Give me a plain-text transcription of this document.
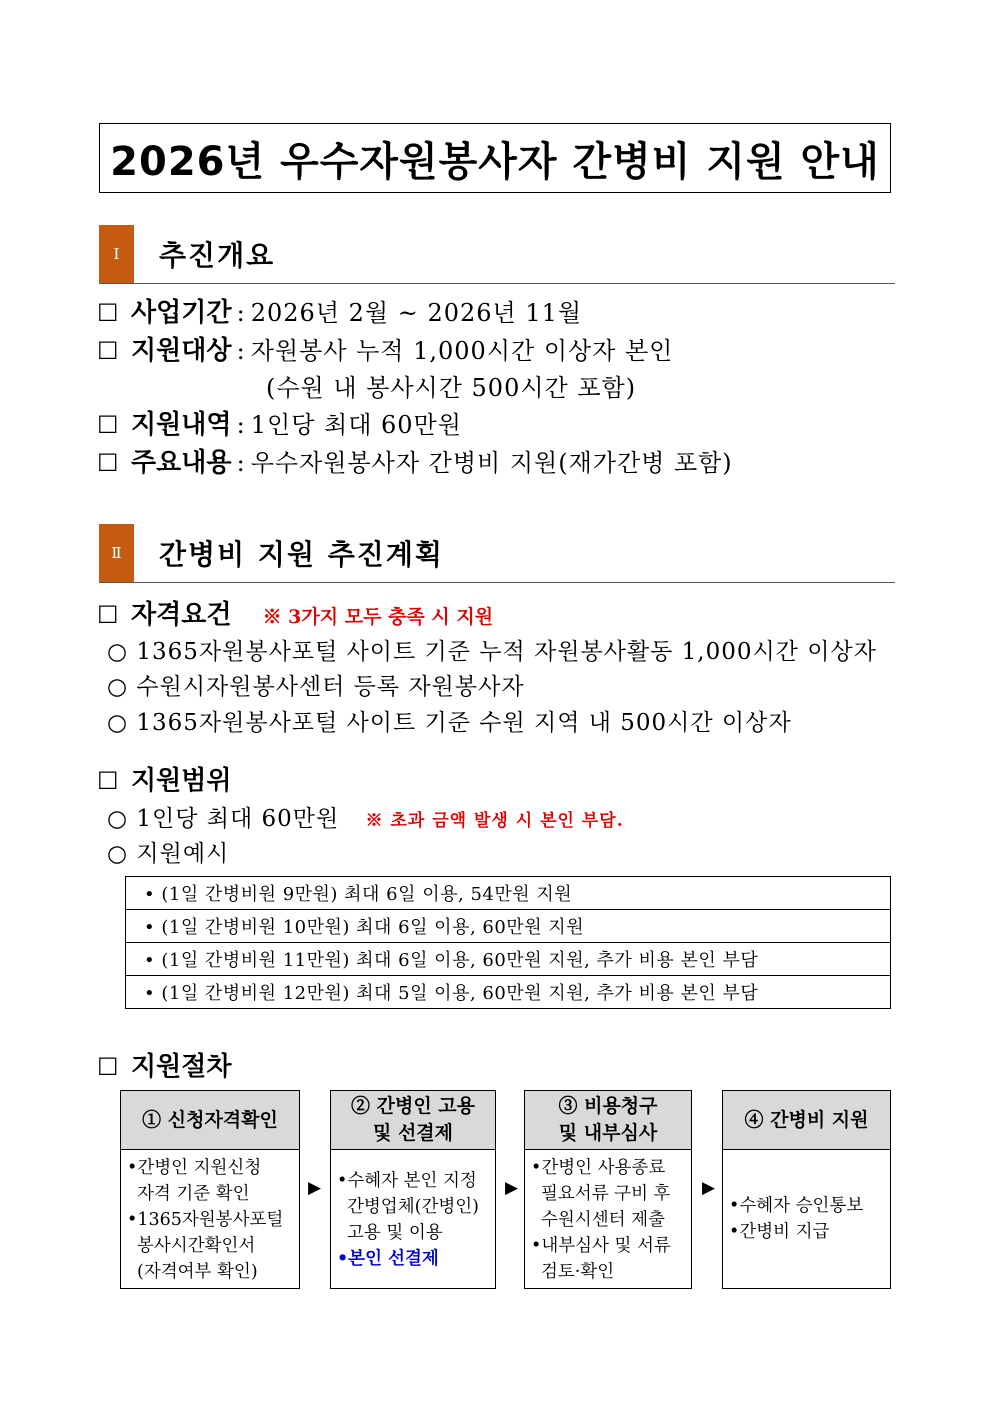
2026년 우수자원봉사자 간병비 지원 안내
Ⅰ	추진개요
☐ 사업기간 : 2026년 2월 ~ 2026년 11월
☐ 지원대상 : 자원봉사 누적 1,000시간 이상자 본인
(수원 내 봉사시간 500시간 포함)
☐ 지원내역 : 1인당 최대 60만원
☐ 주요내용 : 우수자원봉사자 간병비 지원(재가간병 포함)
Ⅱ	간병비 지원 추진계획
☐ 자격요건 ※ 3가지 모두 충족 시 지원
○ 1365자원봉사포털 사이트 기준 누적 자원봉사활동 1,000시간 이상자
○ 수원시자원봉사센터 등록 자원봉사자
○ 1365자원봉사포털 사이트 기준 수원 지역 내 500시간 이상자
☐ 지원범위
○ 1인당 최대 60만원 ※ 초과 금액 발생 시 본인 부담.
○ 지원예시
• (1일 간병비원 9만원) 최대 6일 이용, 54만원 지원
• (1일 간병비원 10만원) 최대 6일 이용, 60만원 지원
• (1일 간병비원 11만원) 최대 6일 이용, 60만원 지원, 추가 비용 본인 부담
• (1일 간병비원 12만원) 최대 5일 이용, 60만원 지원, 추가 비용 본인 부담
☐ 지원절차
① 신청자격확인
•간병인 지원신청
자격 기준 확인
•1365자원봉사포털
봉사시간확인서
(자격여부 확인)
▶
② 간병인 고용
및 선결제
•수혜자 본인 지정
간병업체(간병인)
고용 및 이용
•본인 선결제
▶
③ 비용청구
및 내부심사
•간병인 사용종료
필요서류 구비 후
수원시센터 제출
•내부심사 및 서류
검토·확인
▶
④ 간병비 지원
•수혜자 승인통보
•간병비 지급
